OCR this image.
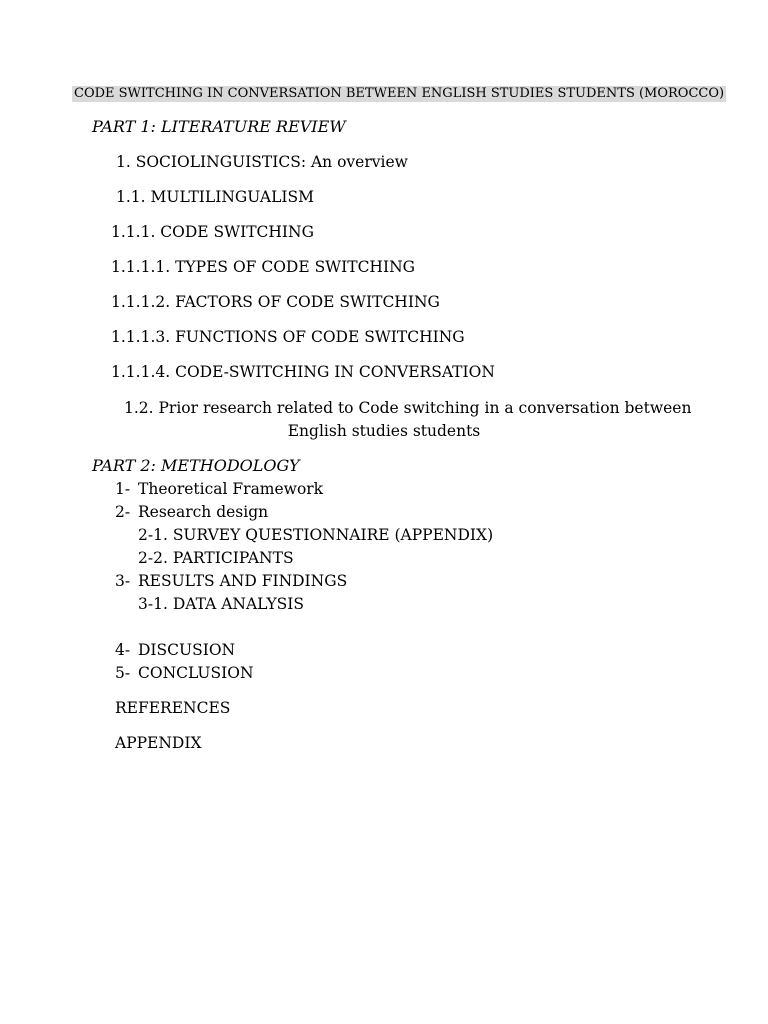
CODE SWITCHING IN CONVERSATION BETWEEN ENGLISH STUDIES STUDENTS (MOROCCO)
PART 1: LITERATURE REVIEW
1. SOCIOLINGUISTICS: An overview
1.1. MULTILINGUALISM
1.1.1. CODE SWITCHING
1.1.1.1. TYPES OF CODE SWITCHING
1.1.1.2. FACTORS OF CODE SWITCHING
1.1.1.3. FUNCTIONS OF CODE SWITCHING
1.1.1.4. CODE-SWITCHING IN CONVERSATION
1.2. Prior research related to Code switching in a conversation between
English studies students
PART 2: METHODOLOGY
1- Theoretical Framework
2- Research design
2-1. SURVEY QUESTIONNAIRE (APPENDIX)
2-2. PARTICIPANTS
3- RESULTS AND FINDINGS
3-1. DATA ANALYSIS
4- DISCUSION
5- CONCLUSION
REFERENCES
APPENDIX
